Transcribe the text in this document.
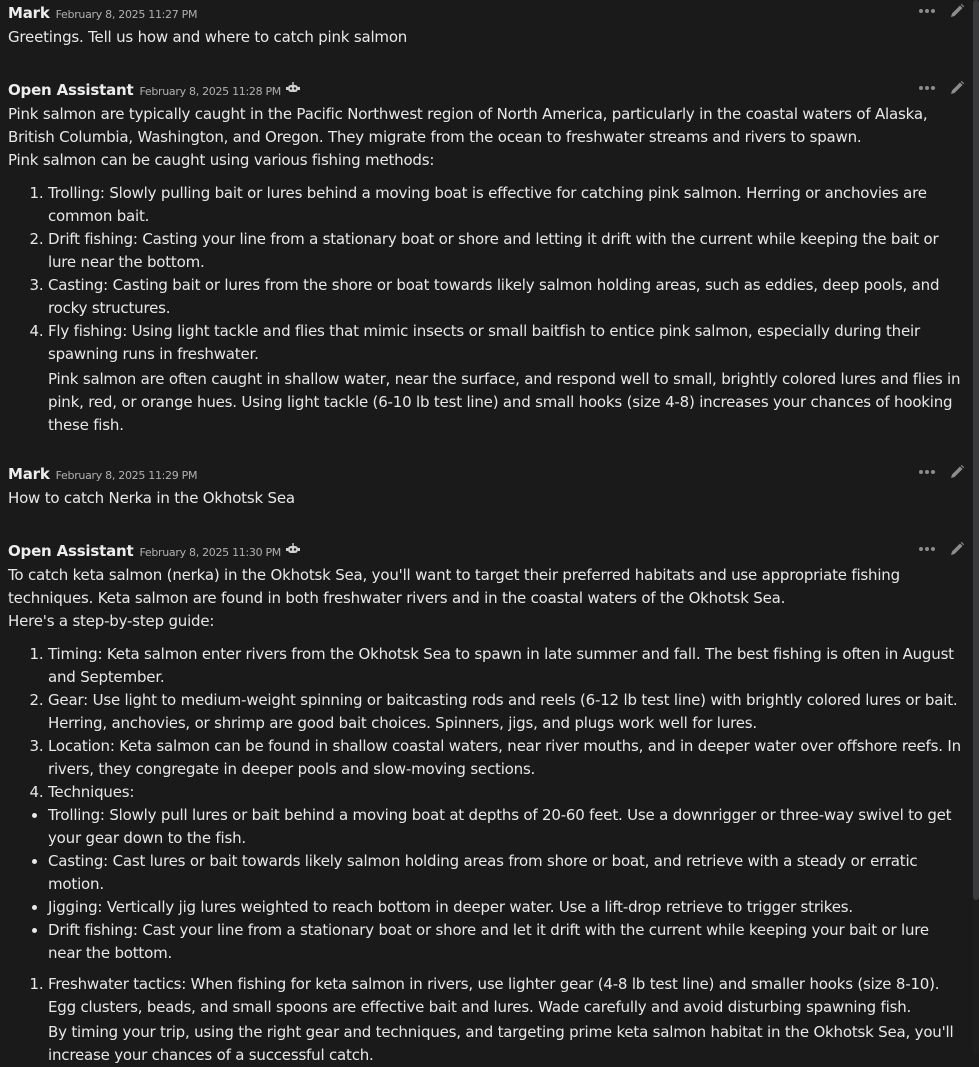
Mark February 8, 2025 11:27 PM

Greetings. Tell us how and where to catch pink salmon

Open Assistant February 8, 2025 11:28 PM

Pink salmon are typically caught in the Pacific Northwest region of North America, particularly in the coastal waters of Alaska, British Columbia, Washington, and Oregon. They migrate from the ocean to freshwater streams and rivers to spawn.

Pink salmon can be caught using various fishing methods:

1. Trolling: Slowly pulling bait or lures behind a moving boat is effective for catching pink salmon. Herring or anchovies are common bait.
2. Drift fishing: Casting your line from a stationary boat or shore and letting it drift with the current while keeping the bait or lure near the bottom.
3. Casting: Casting bait or lures from the shore or boat towards likely salmon holding areas, such as eddies, deep pools, and rocky structures.
4. Fly fishing: Using light tackle and flies that mimic insects or small baitfish to entice pink salmon, especially during their spawning runs in freshwater.

Pink salmon are often caught in shallow water, near the surface, and respond well to small, brightly colored lures and flies in pink, red, or orange hues. Using light tackle (6-10 lb test line) and small hooks (size 4-8) increases your chances of hooking these fish.

Mark February 8, 2025 11:29 PM

How to catch Nerka in the Okhotsk Sea

Open Assistant February 8, 2025 11:30 PM

To catch keta salmon (nerka) in the Okhotsk Sea, you'll want to target their preferred habitats and use appropriate fishing techniques. Keta salmon are found in both freshwater rivers and in the coastal waters of the Okhotsk Sea.

Here's a step-by-step guide:

1. Timing: Keta salmon enter rivers from the Okhotsk Sea to spawn in late summer and fall. The best fishing is often in August and September.
2. Gear: Use light to medium-weight spinning or baitcasting rods and reels (6-12 lb test line) with brightly colored lures or bait. Herring, anchovies, or shrimp are good bait choices. Spinners, jigs, and plugs work well for lures.
3. Location: Keta salmon can be found in shallow coastal waters, near river mouths, and in deeper water over offshore reefs. In rivers, they congregate in deeper pools and slow-moving sections.
4. Techniques:
• Trolling: Slowly pull lures or bait behind a moving boat at depths of 20-60 feet. Use a downrigger or three-way swivel to get your gear down to the fish.
• Casting: Cast lures or bait towards likely salmon holding areas from shore or boat, and retrieve with a steady or erratic motion.
• Jigging: Vertically jig lures weighted to reach bottom in deeper water. Use a lift-drop retrieve to trigger strikes.
• Drift fishing: Cast your line from a stationary boat or shore and let it drift with the current while keeping your bait or lure near the bottom.
1. Freshwater tactics: When fishing for keta salmon in rivers, use lighter gear (4-8 lb test line) and smaller hooks (size 8-10). Egg clusters, beads, and small spoons are effective bait and lures. Wade carefully and avoid disturbing spawning fish.

By timing your trip, using the right gear and techniques, and targeting prime keta salmon habitat in the Okhotsk Sea, you'll increase your chances of a successful catch.
